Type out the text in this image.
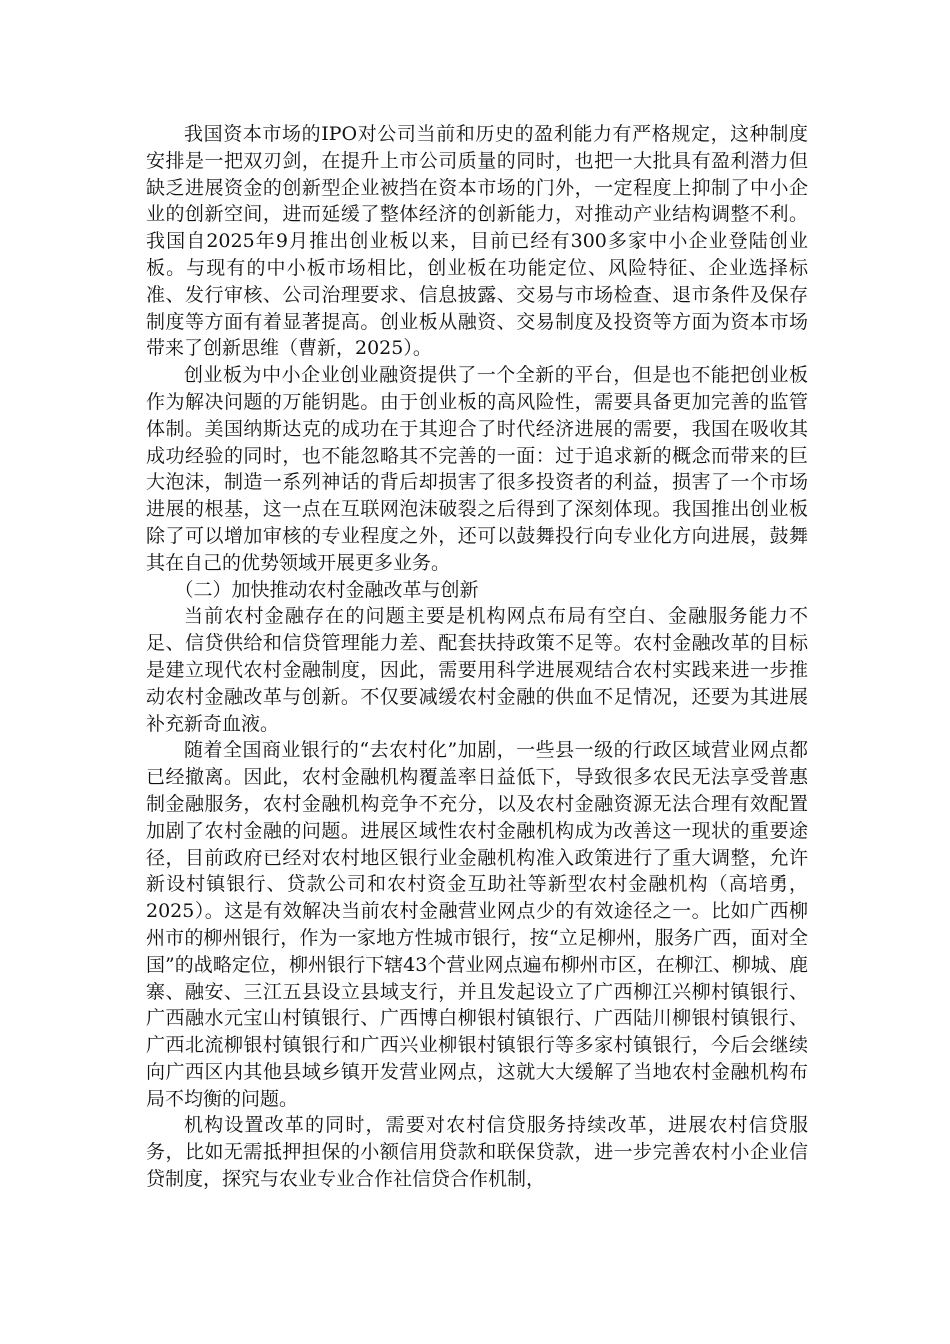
我国资本市场的IPO对公司当前和历史的盈利能力有严格规定，这种制度安排是一把双刃剑，在提升上市公司质量的同时，也把一大批具有盈利潜力但缺乏进展资金的创新型企业被挡在资本市场的门外，一定程度上抑制了中小企业的创新空间，进而延缓了整体经济的创新能力，对推动产业结构调整不利。我国自2025年9月推出创业板以来，目前已经有300多家中小企业登陆创业板。与现有的中小板市场相比，创业板在功能定位、风险特征、企业选择标准、发行审核、公司治理要求、信息披露、交易与市场检查、退市条件及保存制度等方面有着显著提高。创业板从融资、交易制度及投资等方面为资本市场带来了创新思维（曹新，2025）。

创业板为中小企业创业融资提供了一个全新的平台，但是也不能把创业板作为解决问题的万能钥匙。由于创业板的高风险性，需要具备更加完善的监管体制。美国纳斯达克的成功在于其迎合了时代经济进展的需要，我国在吸收其成功经验的同时，也不能忽略其不完善的一面：过于追求新的概念而带来的巨大泡沫，制造一系列神话的背后却损害了很多投资者的利益，损害了一个市场进展的根基，这一点在互联网泡沫破裂之后得到了深刻体现。我国推出创业板除了可以增加审核的专业程度之外，还可以鼓舞投行向专业化方向进展，鼓舞其在自己的优势领域开展更多业务。

（二）加快推动农村金融改革与创新

当前农村金融存在的问题主要是机构网点布局有空白、金融服务能力不足、信贷供给和信贷管理能力差、配套扶持政策不足等。农村金融改革的目标是建立现代农村金融制度，因此，需要用科学进展观结合农村实践来进一步推动农村金融改革与创新。不仅要减缓农村金融的供血不足情况，还要为其进展补充新奇血液。

随着全国商业银行的“去农村化”加剧，一些县一级的行政区域营业网点都已经撤离。因此，农村金融机构覆盖率日益低下，导致很多农民无法享受普惠制金融服务，农村金融机构竞争不充分，以及农村金融资源无法合理有效配置加剧了农村金融的问题。进展区域性农村金融机构成为改善这一现状的重要途径，目前政府已经对农村地区银行业金融机构准入政策进行了重大调整，允许新设村镇银行、贷款公司和农村资金互助社等新型农村金融机构（高培勇，2025）。这是有效解决当前农村金融营业网点少的有效途径之一。比如广西柳州市的柳州银行，作为一家地方性城市银行，按“立足柳州，服务广西，面对全国”的战略定位，柳州银行下辖43个营业网点遍布柳州市区，在柳江、柳城、鹿寨、融安、三江五县设立县域支行，并且发起设立了广西柳江兴柳村镇银行、广西融水元宝山村镇银行、广西博白柳银村镇银行、广西陆川柳银村镇银行、广西北流柳银村镇银行和广西兴业柳银村镇银行等多家村镇银行，今后会继续向广西区内其他县域乡镇开发营业网点，这就大大缓解了当地农村金融机构布局不均衡的问题。

机构设置改革的同时，需要对农村信贷服务持续改革，进展农村信贷服务，比如无需抵押担保的小额信用贷款和联保贷款，进一步完善农村小企业信贷制度，探究与农业专业合作社信贷合作机制，
